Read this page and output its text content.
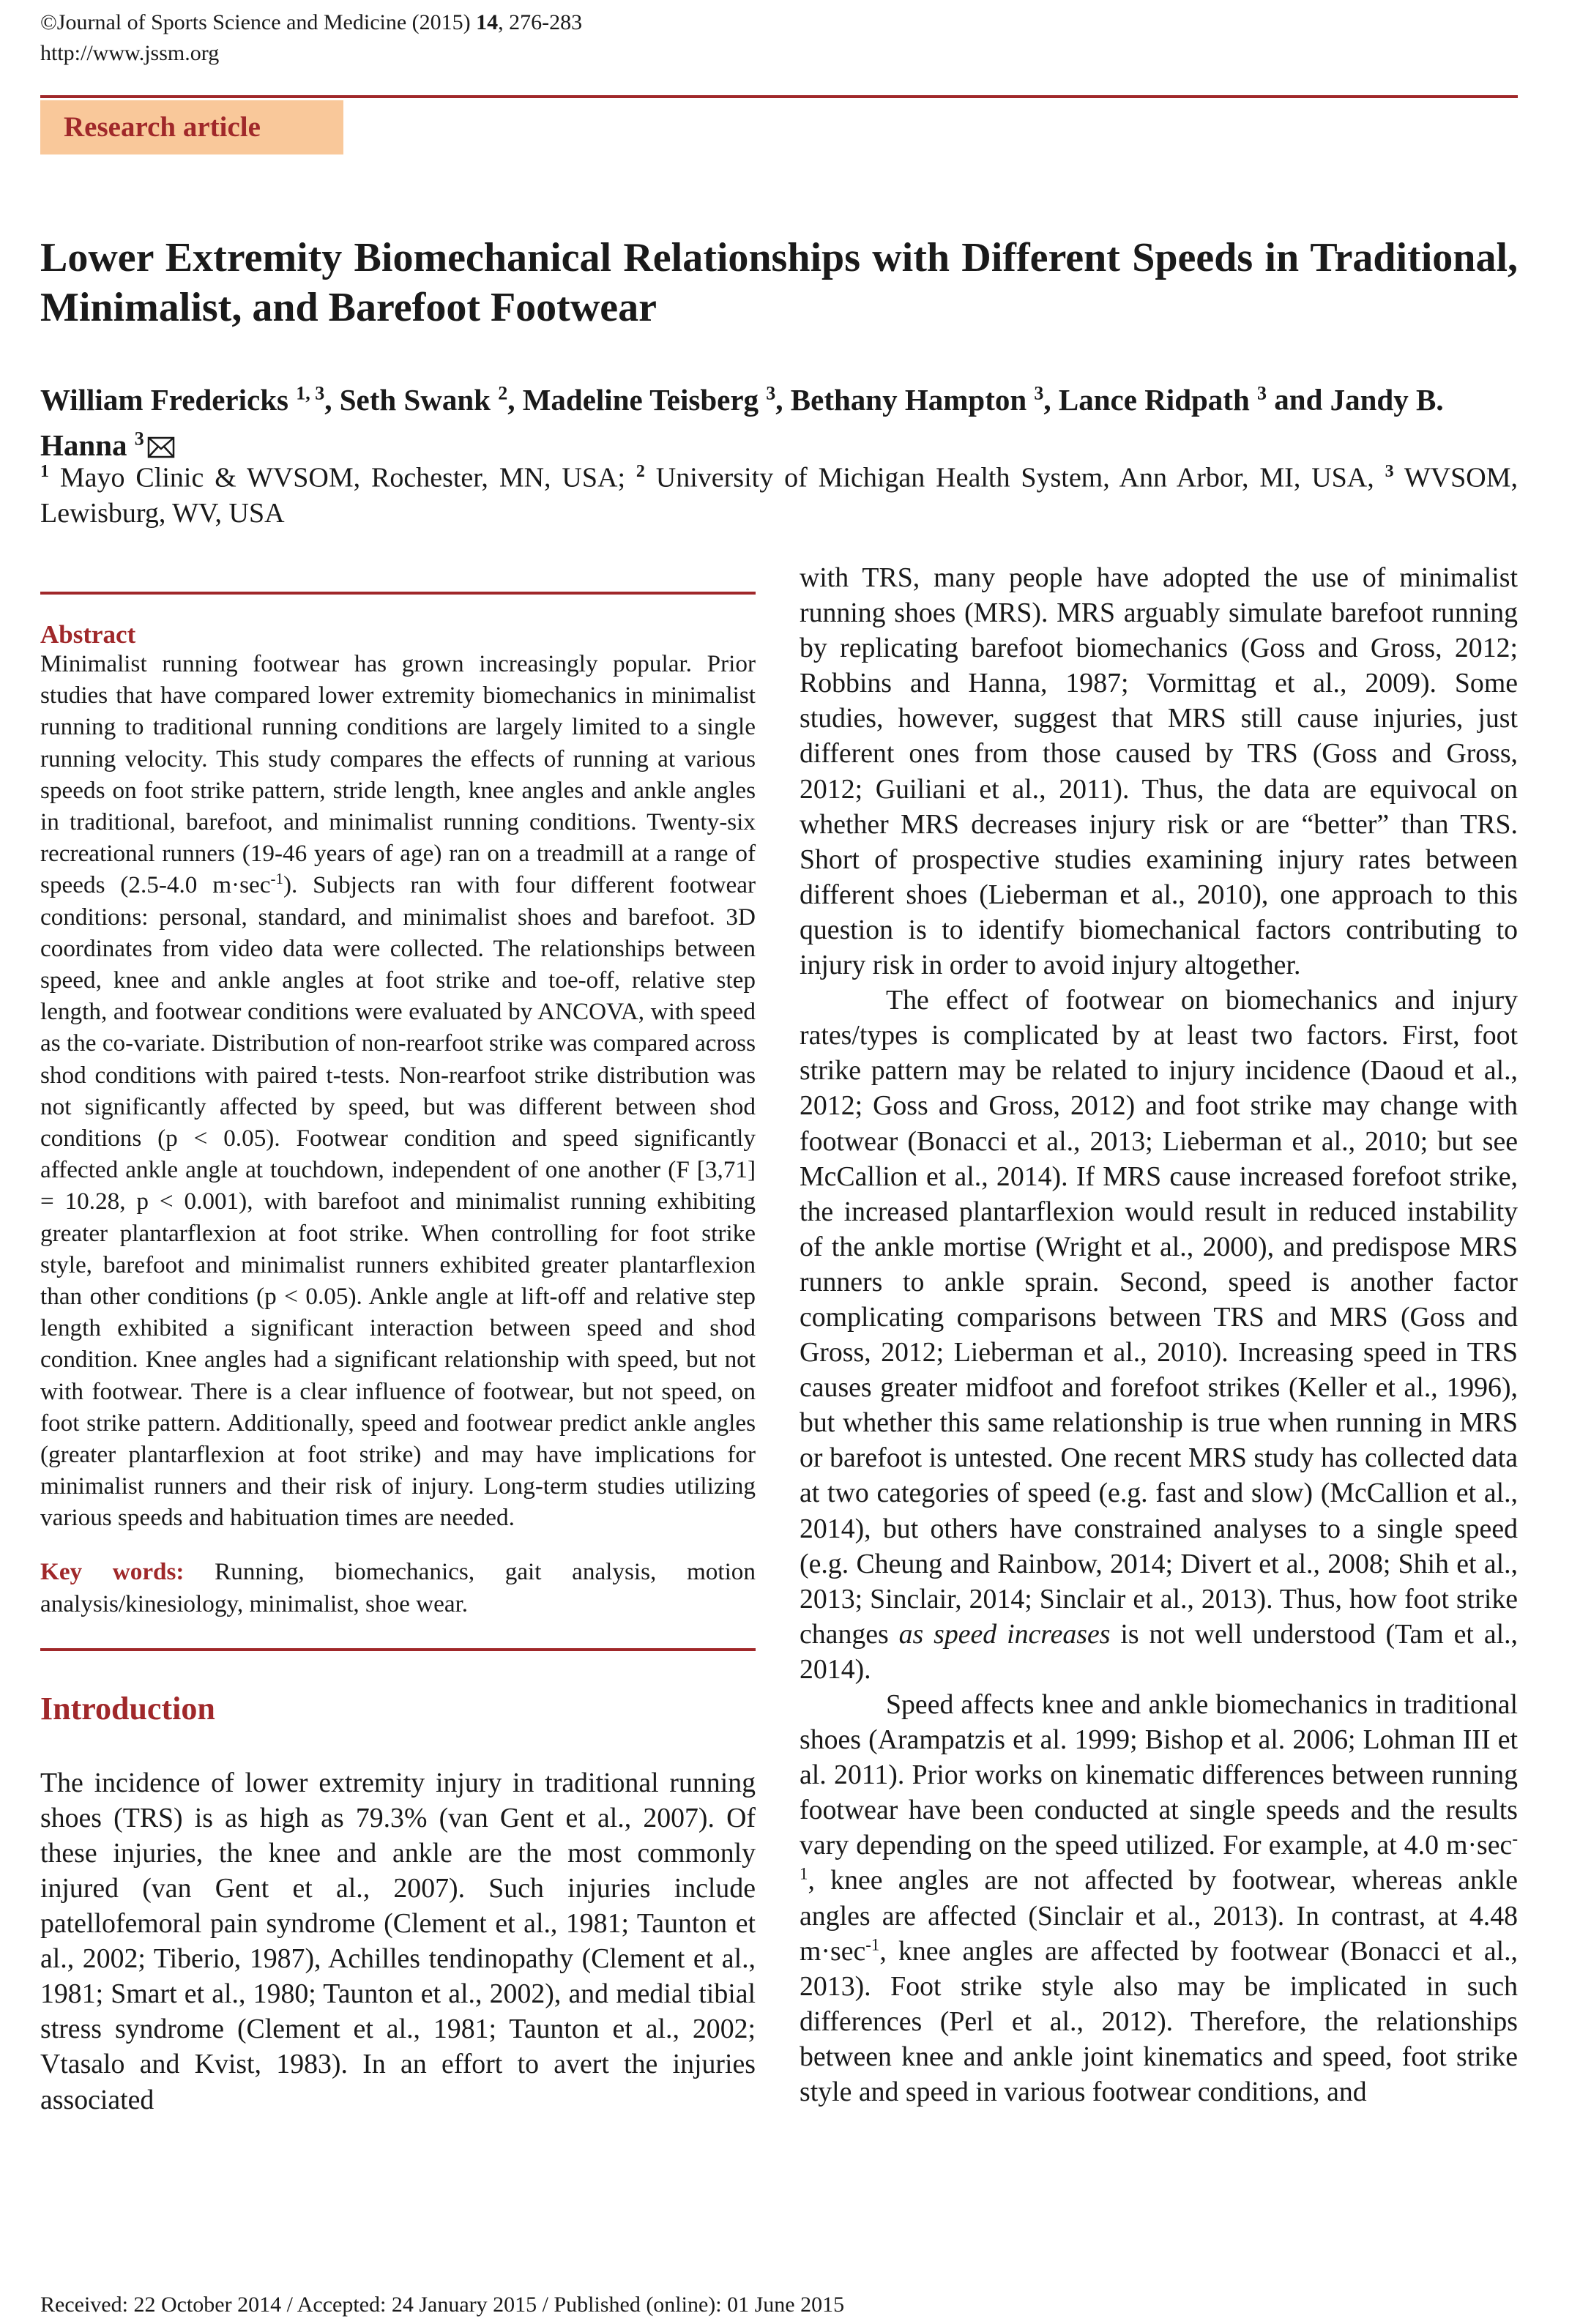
©Journal of Sports Science and Medicine (2015) 14, 276-283
http://www.jssm.org
Research article
Lower Extremity Biomechanical Relationships with Different Speeds in Traditional, Minimalist, and Barefoot Footwear
William Fredericks $^{1, 3}$, Seth Swank $^2$, Madeline Teisberg $^3$, Bethany Hampton $^3$, Lance Ridpath $^3$ and Jandy B. Hanna $^3$
$^1$ Mayo Clinic & WVSOM, Rochester, MN, USA; $^2$ University of Michigan Health System, Ann Arbor, MI, USA, $^3$ WVSOM, Lewisburg, WV, USA
Abstract
Minimalist running footwear has grown increasingly popular. Prior studies that have compared lower extremity biomechanics in minimalist running to traditional running conditions are largely limited to a single running velocity. This study compares the effects of running at various speeds on foot strike pattern, stride length, knee angles and ankle angles in traditional, barefoot, and minimalist running conditions. Twenty-six recreational runners (19-46 years of age) ran on a treadmill at a range of speeds (2.5-4.0 $m\cdot\sec^{-1}$). Subjects ran with four different footwear conditions: personal, standard, and minimalist shoes and barefoot. 3D coordinates from video data were collected. The relationships between speed, knee and ankle angles at foot strike and toe-off, relative step length, and footwear conditions were evaluated by ANCOVA, with speed as the co-variate. Distribution of non-rearfoot strike was compared across shod conditions with paired t-tests. Non-rearfoot strike distribution was not significantly affected by speed, but was different between shod conditions (p < 0.05). Footwear condition and speed significantly affected ankle angle at touchdown, independent of one another (F [3,71] = 10.28, p < 0.001), with barefoot and minimalist running exhibiting greater plantarflexion at foot strike. When controlling for foot strike style, barefoot and minimalist runners exhibited greater plantarflexion than other conditions (p < 0.05). Ankle angle at lift-off and relative step length exhibited a significant interaction between speed and shod condition. Knee angles had a significant relationship with speed, but not with footwear. There is a clear influence of footwear, but not speed, on foot strike pattern. Additionally, speed and footwear predict ankle angles (greater plantarflexion at foot strike) and may have implications for minimalist runners and their risk of injury. Long-term studies utilizing various speeds and habituation times are needed.
Key words: Running, biomechanics, gait analysis, motion analysis/kinesiology, minimalist, shoe wear.
Introduction

The incidence of lower extremity injury in traditional running shoes (TRS) is as high as 79.3% (van Gent et al., 2007). Of these injuries, the knee and ankle are the most commonly injured (van Gent et al., 2007). Such injuries include patellofemoral pain syndrome (Clement et al., 1981; Taunton et al., 2002; Tiberio, 1987), Achilles tendinopathy (Clement et al., 1981; Smart et al., 1980; Taunton et al., 2002), and medial tibial stress syndrome (Clement et al., 1981; Taunton et al., 2002; Vtasalo and Kvist, 1983). In an effort to avert the injuries associated

with TRS, many people have adopted the use of minimalist running shoes (MRS). MRS arguably simulate barefoot running by replicating barefoot biomechanics (Goss and Gross, 2012; Robbins and Hanna, 1987; Vormittag et al., 2009). Some studies, however, suggest that MRS still cause injuries, just different ones from those caused by TRS (Goss and Gross, 2012; Guiliani et al., 2011). Thus, the data are equivocal on whether MRS decreases injury risk or are “better” than TRS. Short of prospective studies examining injury rates between different shoes (Lieberman et al., 2010), one approach to this question is to identify biomechanical factors contributing to injury risk in order to avoid injury altogether.

The effect of footwear on biomechanics and injury rates/types is complicated by at least two factors. First, foot strike pattern may be related to injury incidence (Daoud et al., 2012; Goss and Gross, 2012) and foot strike may change with footwear (Bonacci et al., 2013; Lieberman et al., 2010; but see McCallion et al., 2014). If MRS cause increased forefoot strike, the increased plantarflexion would result in reduced instability of the ankle mortise (Wright et al., 2000), and predispose MRS runners to ankle sprain. Second, speed is another factor complicating comparisons between TRS and MRS (Goss and Gross, 2012; Lieberman et al., 2010). Increasing speed in TRS causes greater midfoot and forefoot strikes (Keller et al., 1996), but whether this same relationship is true when running in MRS or barefoot is untested. One recent MRS study has collected data at two categories of speed (e.g. fast and slow) (McCallion et al., 2014), but others have constrained analyses to a single speed (e.g. Cheung and Rainbow, 2014; Divert et al., 2008; Shih et al., 2013; Sinclair, 2014; Sinclair et al., 2013). Thus, how foot strike changes as speed increases is not well understood (Tam et al., 2014).

Speed affects knee and ankle biomechanics in traditional shoes (Arampatzis et al. 1999; Bishop et al. 2006; Lohman III et al. 2011). Prior works on kinematic differences between running footwear have been conducted at single speeds and the results vary depending on the speed utilized. For example, at 4.0 $m\cdot\sec^{-1}$, knee angles are not affected by footwear, whereas ankle angles are affected (Sinclair et al., 2013). In contrast, at 4.48 $m\cdot\sec^{-1}$, knee angles are affected by footwear (Bonacci et al., 2013). Foot strike style also may be implicated in such differences (Perl et al., 2012). Therefore, the relationships between knee and ankle joint kinematics and speed, foot strike style and speed in various footwear conditions, and

Received: 22 October 2014 / Accepted: 24 January 2015 / Published (online): 01 June 2015
